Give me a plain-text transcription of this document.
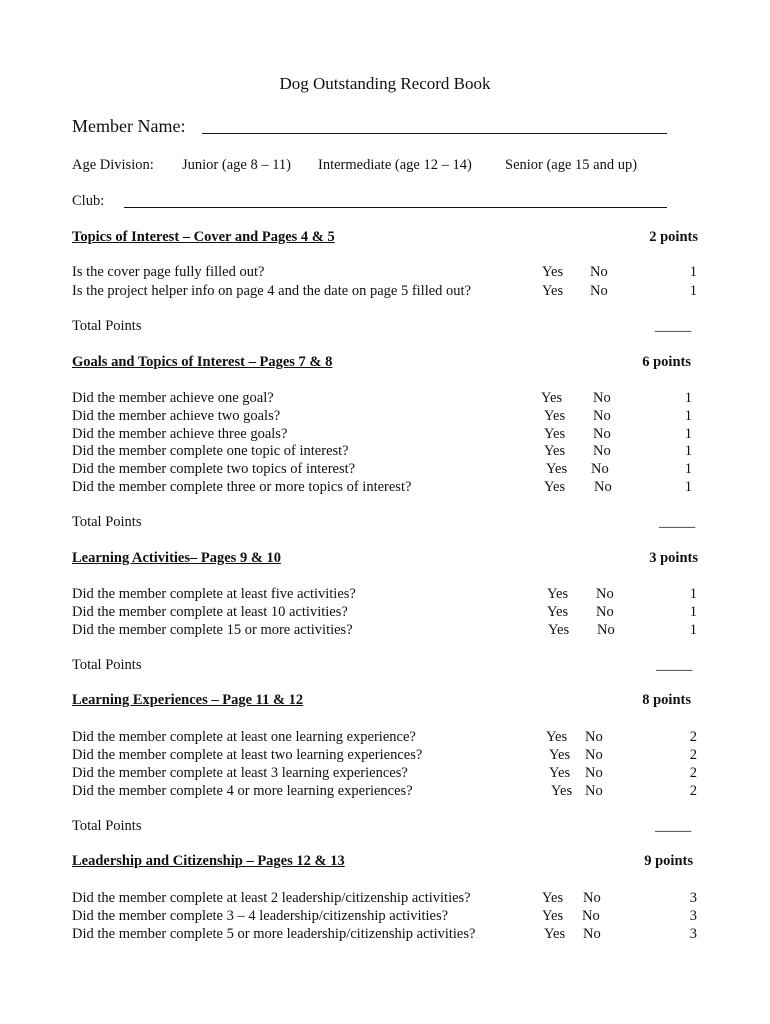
Dog Outstanding Record Book
Member Name:
Age Division: Junior (age 8 – 11) Intermediate (age 12 – 14) Senior (age 15 and up)
Club:
Topics of Interest – Cover and Pages 4 & 5	2 points
Is the cover page fully filled out?	Yes No	1
Is the project helper info on page 4 and the date on page 5 filled out?	Yes No	1
Total Points	_____
Goals and Topics of Interest – Pages 7 & 8	6 points
Did the member achieve one goal?	Yes No	1
Did the member achieve two goals?	Yes No	1
Did the member achieve three goals?	Yes No	1
Did the member complete one topic of interest?	Yes No	1
Did the member complete two topics of interest?	Yes No	1
Did the member complete three or more topics of interest?	Yes No	1
Total Points	_____
Learning Activities– Pages 9 & 10	3 points
Did the member complete at least five activities?	Yes No	1
Did the member complete at least 10 activities?	Yes No	1
Did the member complete 15 or more activities?	Yes No	1
Total Points	_____
Learning Experiences – Page 11 & 12	8 points
Did the member complete at least one learning experience?	Yes No	2
Did the member complete at least two learning experiences?	Yes No	2
Did the member complete at least 3 learning experiences?	Yes No	2
Did the member complete 4 or more learning experiences?	Yes No	2
Total Points	_____
Leadership and Citizenship – Pages 12 & 13	9 points
Did the member complete at least 2 leadership/citizenship activities?	Yes No	3
Did the member complete 3 – 4 leadership/citizenship activities?	Yes No	3
Did the member complete 5 or more leadership/citizenship activities?	Yes No	3
